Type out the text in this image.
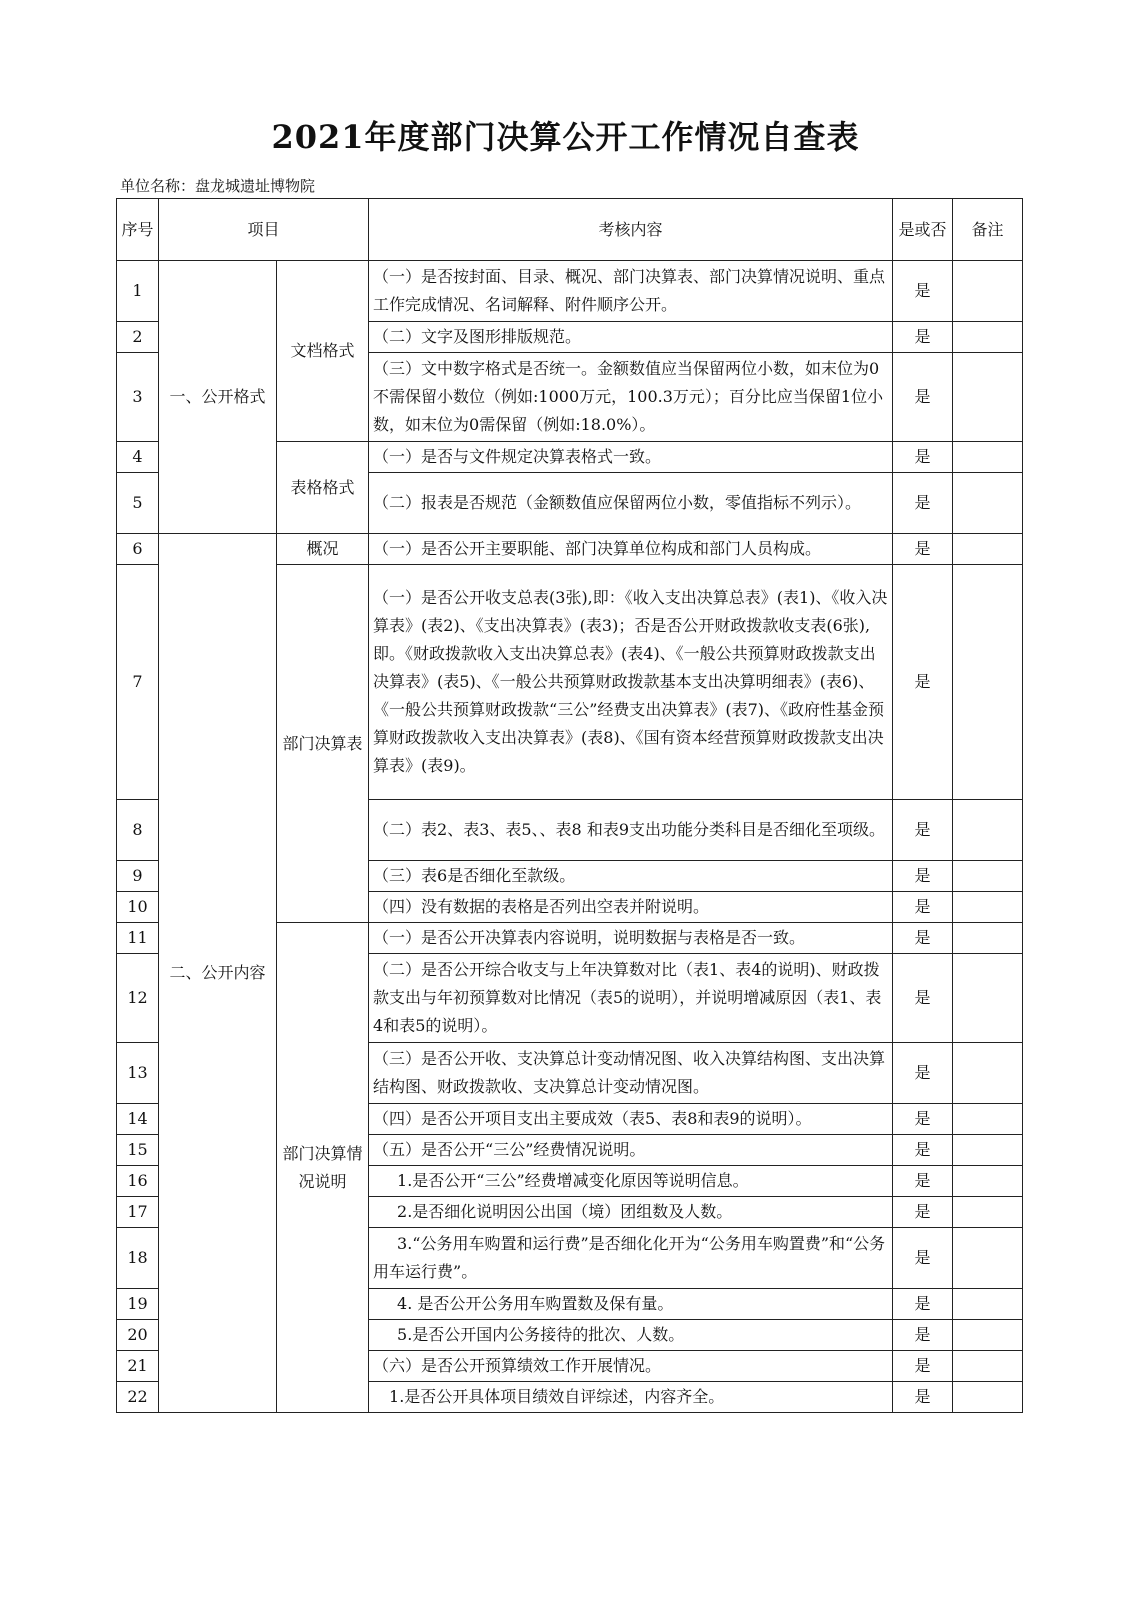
2021年度部门决算公开工作情况自查表
单位名称：盘龙城遗址博物院
序号	项目		考核内容	是或否	备注
1	一、公开格式	文档格式	（一）是否按封面、目录、概况、部门决算表、部门决算情况说明、重点工作完成情况、名词解释、附件顺序公开。	是	
2			（二）文字及图形排版规范。	是	
3			（三）文中数字格式是否统一。金额数值应当保留两位小数，如末位为0不需保留小数位（例如:1000万元，100.3万元）；百分比应当保留1位小数，如末位为0需保留（例如:18.0%）。	是	
4		表格格式	（一）是否与文件规定决算表格式一致。	是	
5			（二）报表是否规范（金额数值应保留两位小数，零值指标不列示）。	是	
6	二、公开内容	概况	（一）是否公开主要职能、部门决算单位构成和部门人员构成。	是	
7		部门决算表	（一）是否公开收支总表(3张),即：《收入支出决算总表》(表1)、《收入决算表》(表2)、《支出决算表》(表3)；否是否公开财政拨款收支表(6张),即。《财政拨款收入支出决算总表》(表4)、《一般公共预算财政拨款支出决算表》(表5)、《一般公共预算财政拨款基本支出决算明细表》(表6)、《一般公共预算财政拨款“三公”经费支出决算表》(表7)、《政府性基金预算财政拨款收入支出决算表》(表8)、《国有资本经营预算财政拨款支出决算表》(表9)。	是	
8			（二）表2、表3、表5、、表8 和表9支出功能分类科目是否细化至项级。	是	
9			（三）表6是否细化至款级。	是	
10			（四）没有数据的表格是否列出空表并附说明。	是	
11		部门决算情况说明	（一）是否公开决算表内容说明，说明数据与表格是否一致。	是	
12			（二）是否公开综合收支与上年决算数对比（表1、表4的说明)、财政拨款支出与年初预算数对比情况（表5的说明），并说明增减原因（表1、表4和表5的说明）。	是	
13			（三）是否公开收、支决算总计变动情况图、收入决算结构图、支出决算结构图、财政拨款收、支决算总计变动情况图。	是	
14			（四）是否公开项目支出主要成效（表5、表8和表9的说明）。	是	
15			（五）是否公开“三公”经费情况说明。	是	
16			1.是否公开“三公”经费增减变化原因等说明信息。	是	
17			2.是否细化说明因公出国（境）团组数及人数。	是	
18			3.“公务用车购置和运行费”是否细化化开为“公务用车购置费”和“公务用车运行费”。	是	
19			4. 是否公开公务用车购置数及保有量。	是	
20			5.是否公开国内公务接待的批次、人数。	是	
21			（六）是否公开预算绩效工作开展情况。	是	
22			1.是否公开具体项目绩效自评综述，内容齐全。	是	
